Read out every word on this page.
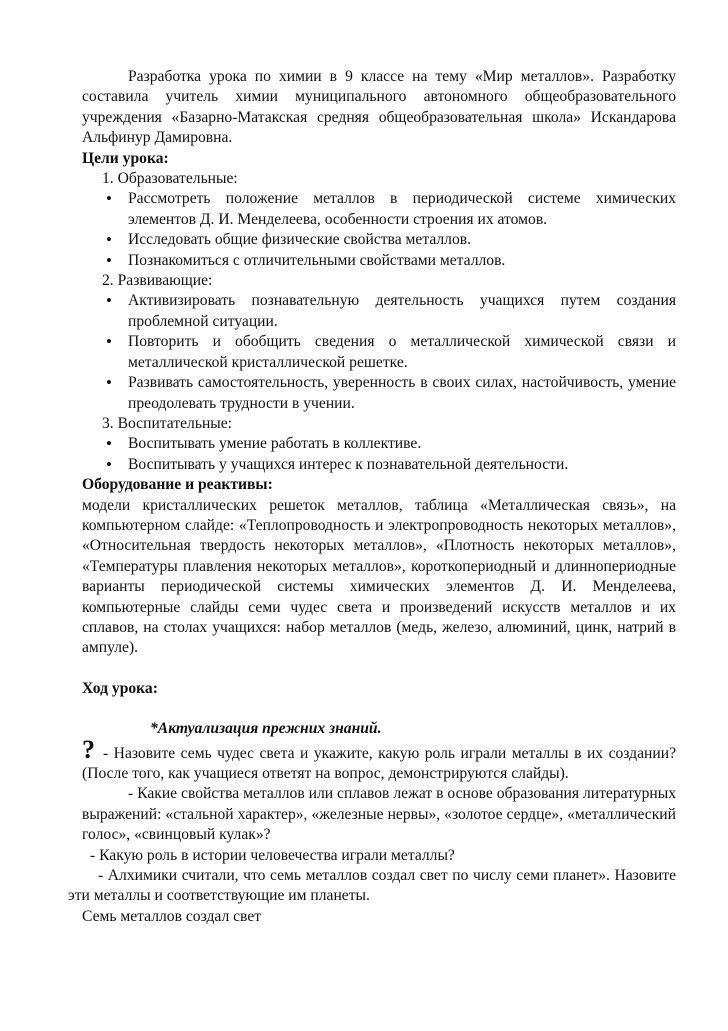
Разработка урока по химии в 9 классе на тему «Мир металлов». Разработку составила учитель химии муниципального автономного общеобразовательного учреждения «Базарно-Матакская средняя общеобразовательная школа» Искандарова Альфинур Дамировна.

Цели урока:

1. Образовательные:

• Рассмотреть положение металлов в периодической системе химических элементов Д. И. Менделеева, особенности строения их атомов.
• Исследовать общие физические свойства металлов.
• Познакомиться с отличительными свойствами металлов.

2. Развивающие:

• Активизировать познавательную деятельность учащихся путем создания проблемной ситуации.
• Повторить и обобщить сведения о металлической химической связи и металлической кристаллической решетке.
• Развивать самостоятельность, уверенность в своих силах, настойчивость, умение преодолевать трудности в учении.

3. Воспитательные:

• Воспитывать умение работать в коллективе.
• Воспитывать у учащихся интерес к познавательной деятельности.

Оборудование и реактивы:

модели кристаллических решеток металлов, таблица «Металлическая связь», на компьютерном слайде: «Теплопроводность и электропроводность некоторых металлов», «Относительная твердость некоторых металлов», «Плотность некоторых металлов», «Температуры плавления некоторых металлов», короткопериодный и длиннопериодные варианты периодической системы химических элементов Д. И. Менделеева, компьютерные слайды семи чудес света и произведений искусств металлов и их сплавов, на столах учащихся: набор металлов (медь, железо, алюминий, цинк, натрий в ампуле).

Ход урока:

*Актуализация прежних знаний.

? - Назовите семь чудес света и укажите, какую роль играли металлы в их создании? (После того, как учащиеся ответят на вопрос, демонстрируются слайды).

- Какие свойства металлов или сплавов лежат в основе образования литературных выражений: «стальной характер», «железные нервы», «золотое сердце», «металлический голос», «свинцовый кулак»?

- Какую роль в истории человечества играли металлы?

- Алхимики считали, что семь металлов создал свет по числу семи планет». Назовите эти металлы и соответствующие им планеты.

Семь металлов создал свет
